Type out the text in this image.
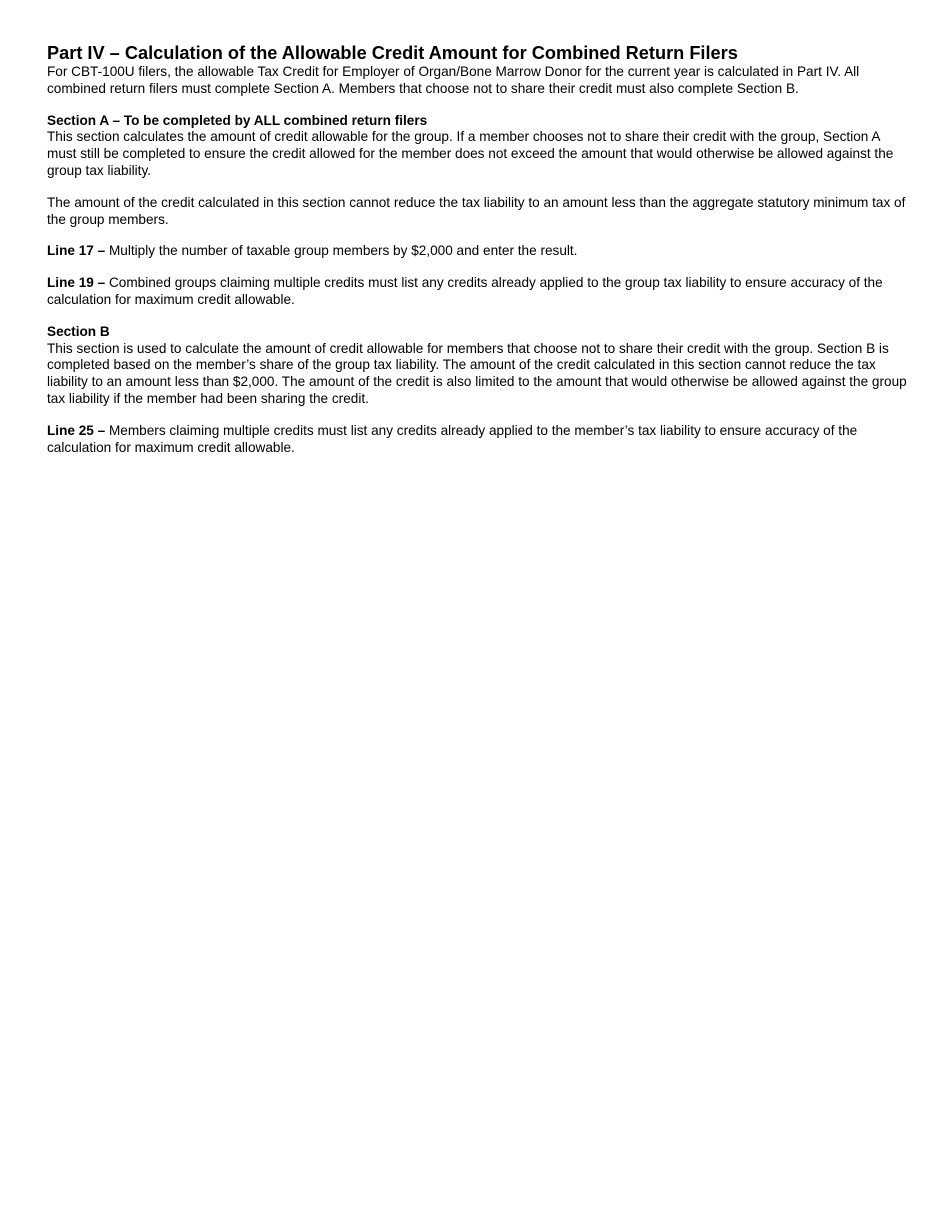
Part IV – Calculation of the Allowable Credit Amount for Combined Return Filers

For CBT-100U filers, the allowable Tax Credit for Employer of Organ/Bone Marrow Donor for the current year is calculated in Part IV. All combined return filers must complete Section A. Members that choose not to share their credit must also complete Section B.

Section A – To be completed by ALL combined return filers

This section calculates the amount of credit allowable for the group. If a member chooses not to share their credit with the group, Section A must still be completed to ensure the credit allowed for the member does not exceed the amount that would otherwise be allowed against the group tax liability.

The amount of the credit calculated in this section cannot reduce the tax liability to an amount less than the aggregate statutory minimum tax of the group members.

Line 17 – Multiply the number of taxable group members by $2,000 and enter the result.

Line 19 – Combined groups claiming multiple credits must list any credits already applied to the group tax liability to ensure accuracy of the calculation for maximum credit allowable.

Section B

This section is used to calculate the amount of credit allowable for members that choose not to share their credit with the group. Section B is completed based on the member’s share of the group tax liability. The amount of the credit calculated in this section cannot reduce the tax liability to an amount less than $2,000. The amount of the credit is also limited to the amount that would otherwise be allowed against the group tax liability if the member had been sharing the credit.

Line 25 – Members claiming multiple credits must list any credits already applied to the member’s tax liability to ensure accuracy of the calculation for maximum credit allowable.
